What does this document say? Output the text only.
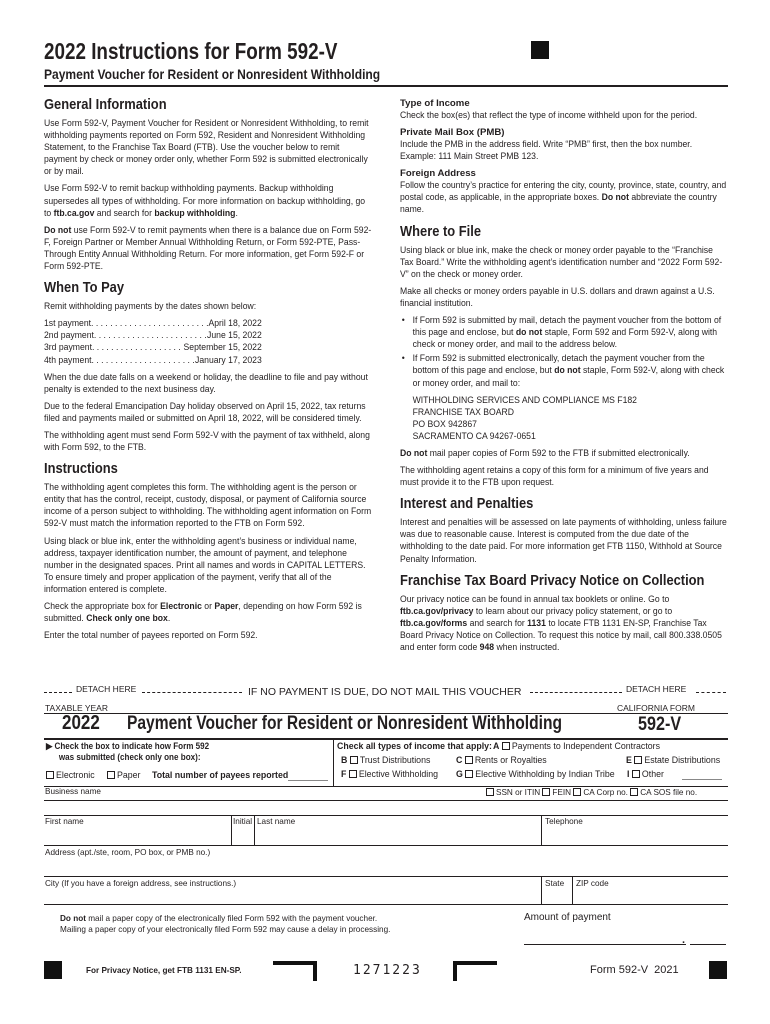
2022 Instructions for Form 592-V
Payment Voucher for Resident or Nonresident Withholding
General Information

Use Form 592-V, Payment Voucher for Resident or Nonresident Withholding, to remit withholding payments reported on Form 592, Resident and Nonresident Withholding Statement, to the Franchise Tax Board (FTB). Use the voucher below to remit payment by check or money order only, whether Form 592 is submitted electronically or by mail.

Use Form 592-V to remit backup withholding payments. Backup withholding supersedes all types of withholding. For more information on backup withholding, go to ftb.ca.gov and search for backup withholding.

Do not use Form 592-V to remit payments when there is a balance due on Form 592-F, Foreign Partner or Member Annual Withholding Return, or Form 592-PTE, Pass-Through Entity Annual Withholding Return. For more information, get Form 592-F or Form 592-PTE.

When To Pay

Remit withholding payments by the dates shown below:

1st payment . . .	April 18, 2022
2nd payment . . .	June 15, 2022
3rd payment . . .	September 15, 2022
4th payment . . .	January 17, 2023

When the due date falls on a weekend or holiday, the deadline to file and pay without penalty is extended to the next business day.

Due to the federal Emancipation Day holiday observed on April 15, 2022, tax returns filed and payments mailed or submitted on April 18, 2022, will be considered timely.

The withholding agent must send Form 592-V with the payment of tax withheld, along with Form 592, to the FTB.

Instructions

The withholding agent completes this form. The withholding agent is the person or entity that has the control, receipt, custody, disposal, or payment of California source income of a person subject to withholding. The withholding agent information on Form 592-V must match the information reported to the FTB on Form 592.

Using black or blue ink, enter the withholding agent’s business or individual name, address, taxpayer identification number, the amount of payment, and telephone number in the designated spaces. Print all names and words in CAPITAL LETTERS. To ensure timely and proper application of the payment, verify that all of the information entered is complete.

Check the appropriate box for Electronic or Paper, depending on how Form 592 is submitted. Check only one box.

Enter the total number of payees reported on Form 592.

Type of Income

Check the box(es) that reflect the type of income withheld upon for the period.

Private Mail Box (PMB)

Include the PMB in the address field. Write “PMB” first, then the box number. Example: 111 Main Street PMB 123.

Foreign Address

Follow the country’s practice for entering the city, county, province, state, country, and postal code, as applicable, in the appropriate boxes. Do not abbreviate the country name.

Where to File

Using black or blue ink, make the check or money order payable to the “Franchise Tax Board.” Write the withholding agent’s identification number and “2022 Form 592-V” on the check or money order.

Make all checks or money orders payable in U.S. dollars and drawn against a U.S. financial institution.

• If Form 592 is submitted by mail, detach the payment voucher from the bottom of this page and enclose, but do not staple, Form 592 and Form 592-V, along with check or money order, and mail to the address below.
• If Form 592 is submitted electronically, detach the payment voucher from the bottom of this page and enclose, but do not staple, Form 592-V, along with check or money order, and mail to:
WITHHOLDING SERVICES AND COMPLIANCE MS F182
FRANCHISE TAX BOARD
PO BOX 942867
SACRAMENTO CA 94267-0651

Do not mail paper copies of Form 592 to the FTB if submitted electronically.

The withholding agent retains a copy of this form for a minimum of five years and must provide it to the FTB upon request.

Interest and Penalties

Interest and penalties will be assessed on late payments of withholding, unless failure was due to reasonable cause. Interest is computed from the due date of the withholding to the date paid. For more information get FTB 1150, Withhold at Source Penalty Information.

Franchise Tax Board Privacy Notice on Collection

Our privacy notice can be found in annual tax booklets or online. Go to ftb.ca.gov/privacy to learn about our privacy policy statement, or go to ftb.ca.gov/forms and search for 1131 to locate FTB 1131 EN-SP, Franchise Tax Board Privacy Notice on Collection. To request this notice by mail, call 800.338.0505 and enter form code 948 when instructed.

DETACH HERE	IF NO PAYMENT IS DUE, DO NOT MAIL THIS VOUCHER	DETACH HERE
TAXABLE YEAR	CALIFORNIA FORM
2022 Payment Voucher for Resident or Nonresident Withholding	592-V
▶ Check the box to indicate how Form 592
was submitted (check only one box):
Electronic	Paper Total number of payees reported
Check all types of income that apply: A Payments to Independent Contractors
B Trust Distributions	C Rents or Royalties	E Estate Distributions
F Elective Withholding G Elective Withholding by Indian Tribe I Other
Business name	SSN or ITIN FEIN CA Corp no. CA SOS file no.
First name	Initial Last name	Telephone
Address (apt./ste, room, PO box, or PMB no.)
City (If you have a foreign address, see instructions.)	State ZIP code
Do not mail a paper copy of the electronically filed Form 592 with the payment voucher.
Mailing a paper copy of your electronically filed Form 592 may cause a delay in processing.
Amount of payment
.
For Privacy Notice, get FTB 1131 EN-SP.	1271223	Form 592-V  2021
